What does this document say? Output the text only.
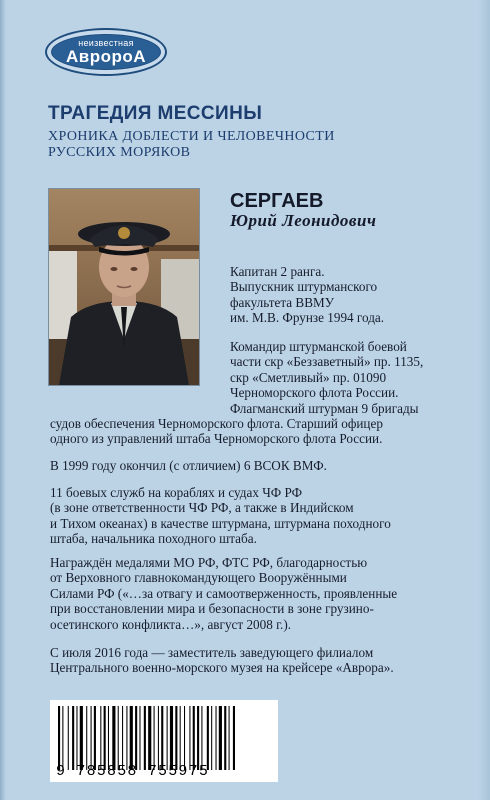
неизвестная
АвророА
ТРАГЕДИЯ МЕССИНЫ
ХРОНИКА ДОБЛЕСТИ И ЧЕЛОВЕЧНОСТИ
РУССКИХ МОРЯКОВ
СЕРГАЕВ
Юрий Леонидович

Капитан 2 ранга.

Выпускник штурманского

факультета ВВМУ

им. М.В. Фрунзе 1994 года.

Командир штурманской боевой

части скр «Беззаветный» пр. 1135,

скр «Сметливый» пр. 01090

Черноморского флота России.

Флагманский штурман 9 бригады

судов обеспечения Черноморского флота. Старший офицер

одного из управлений штаба Черноморского флота России.

В 1999 году окончил (с отличием) 6 ВСОК ВМФ.

11 боевых служб на кораблях и судах ЧФ РФ

(в зоне ответственности ЧФ РФ, а также в Индийском

и Тихом океанах) в качестве штурмана, штурмана походного

штаба, начальника походного штаба.

Награждён медалями МО РФ, ФТС РФ, благодарностью

от Верховного главнокомандующего Вооружёнными

Силами РФ («…за отвагу и самоотверженность, проявленные

при восстановлении мира и безопасности в зоне грузино-

осетинского конфликта…», август 2008 г.).

С июля 2016 года — заместитель заведующего филиалом

Центрального военно-морского музея на крейсере «Аврора».

9 785858 755975
